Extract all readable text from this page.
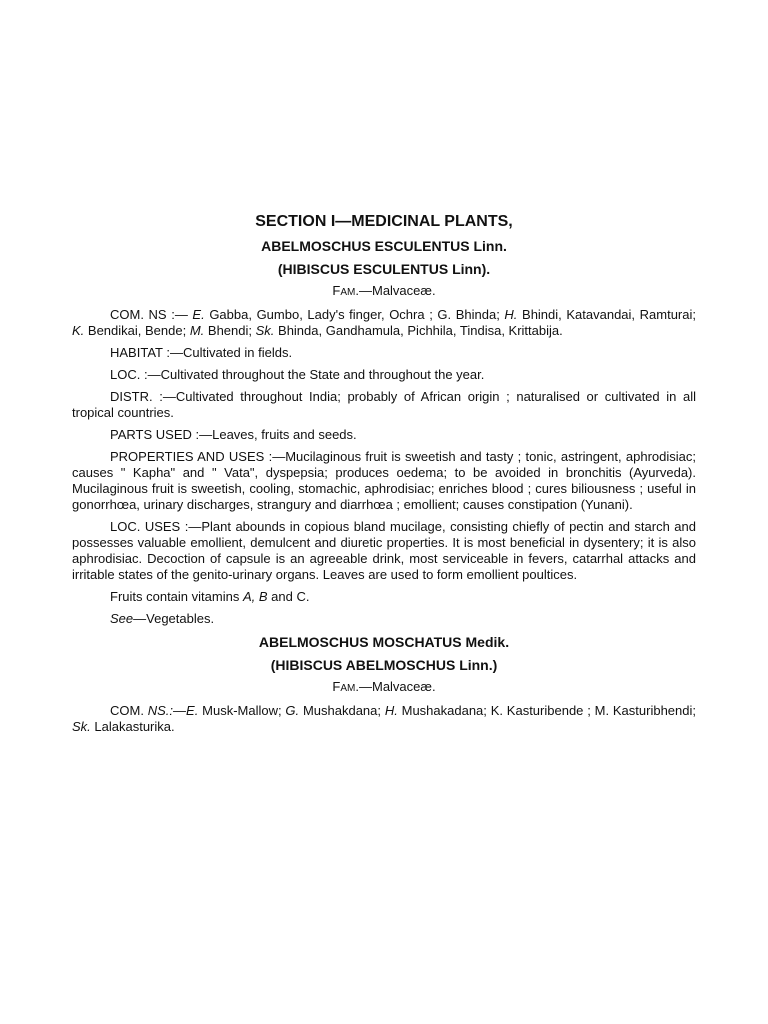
SECTION I—MEDICINAL PLANTS,
ABELMOSCHUS ESCULENTUS Linn.
(HIBISCUS ESCULENTUS Linn).
FAM.—Malvaceæ.

COM. NS :— E. Gabba, Gumbo, Lady's finger, Ochra ; G. Bhinda; H. Bhindi, Katavandai, Ramturai; K. Bendikai, Bende; M. Bhendi; Sk. Bhinda, Gandhamula, Pichhila, Tindisa, Krittabija.

HABITAT :—Cultivated in fields.

LOC. :—Cultivated throughout the State and throughout the year.

DISTR. :—Cultivated throughout India; probably of African origin ; naturalised or cultivated in all tropical countries.

PARTS USED :—Leaves, fruits and seeds.

PROPERTIES AND USES :—Mucilaginous fruit is sweetish and tasty ; tonic, astringent, aphrodisiac; causes " Kapha" and " Vata", dyspepsia; produces oedema; to be avoided in bronchitis (Ayurveda). Mucilaginous fruit is sweetish, cooling, stomachic, aphrodisiac; enriches blood ; cures biliousness ; useful in gonorrhœa, urinary discharges, strangury and diarrhœa ; emollient; causes constipation (Yunani).

LOC. USES :—Plant abounds in copious bland mucilage, consisting chiefly of pectin and starch and possesses valuable emollient, demulcent and diuretic properties. It is most beneficial in dysentery; it is also aphrodisiac. Decoction of capsule is an agreeable drink, most serviceable in fevers, catarrhal attacks and irritable states of the genito-urinary organs. Leaves are used to form emollient poultices.

Fruits contain vitamins A, B and C.

See—Vegetables.

ABELMOSCHUS MOSCHATUS Medik.
(HIBISCUS ABELMOSCHUS Linn.)
FAM.—Malvaceæ.

COM. NS.:—E. Musk-Mallow; G. Mushakdana; H. Mushakadana; K. Kasturibende ; M. Kasturibhendi; Sk. Lalakasturika.
